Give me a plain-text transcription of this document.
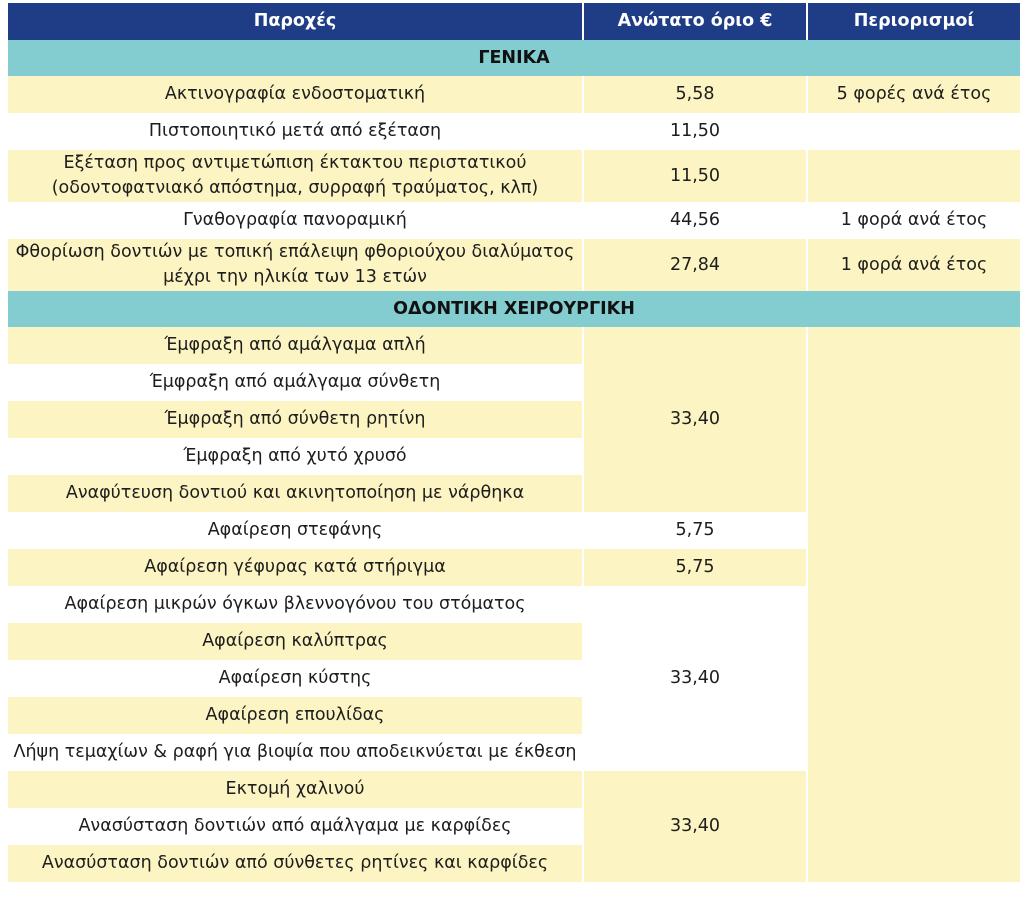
Παροχές	Ανώτατο όριο €	Περιορισμοί
ΓΕΝΙΚΑ		
Ακτινογραφία ενδοστοματική	5,58	5 φορές ανά έτος
Πιστοποιητικό μετά από εξέταση	11,50	

Εξέταση προς αντιμετώπιση έκτακτου περιστατικού
(οδοντοφατνιακό απόστημα, συρραφή τραύματος, κλπ)	11,50	
Γναθογραφία πανοραμική	44,56	1 φορά ανά έτος

Φθορίωση δοντιών με τοπική επάλειψη φθοριούχου διαλύματος
μέχρι την ηλικία των 13 ετών	27,84	1 φορά ανά έτος
ΟΔΟΝΤΙΚΗ ΧΕΙΡΟΥΡΓΙΚΗ		
Έμφραξη από αμάλγαμα απλή	33,40	
Έμφραξη από αμάλγαμα σύνθετη		
Έμφραξη από σύνθετη ρητίνη		
Έμφραξη από χυτό χρυσό		
Αναφύτευση δοντιού και ακινητοποίηση με νάρθηκα		
Αφαίρεση στεφάνης	5,75	
Αφαίρεση γέφυρας κατά στήριγμα	5,75	
Αφαίρεση μικρών όγκων βλεννογόνου του στόματος	33,40	
Αφαίρεση καλύπτρας		
Αφαίρεση κύστης		
Αφαίρεση επουλίδας		
Λήψη τεμαχίων & ραφή για βιοψία που αποδεικνύεται με έκθεση		
Εκτομή χαλινού	33,40	
Ανασύσταση δοντιών από αμάλγαμα με καρφίδες		
Ανασύσταση δοντιών από σύνθετες ρητίνες και καρφίδες		
